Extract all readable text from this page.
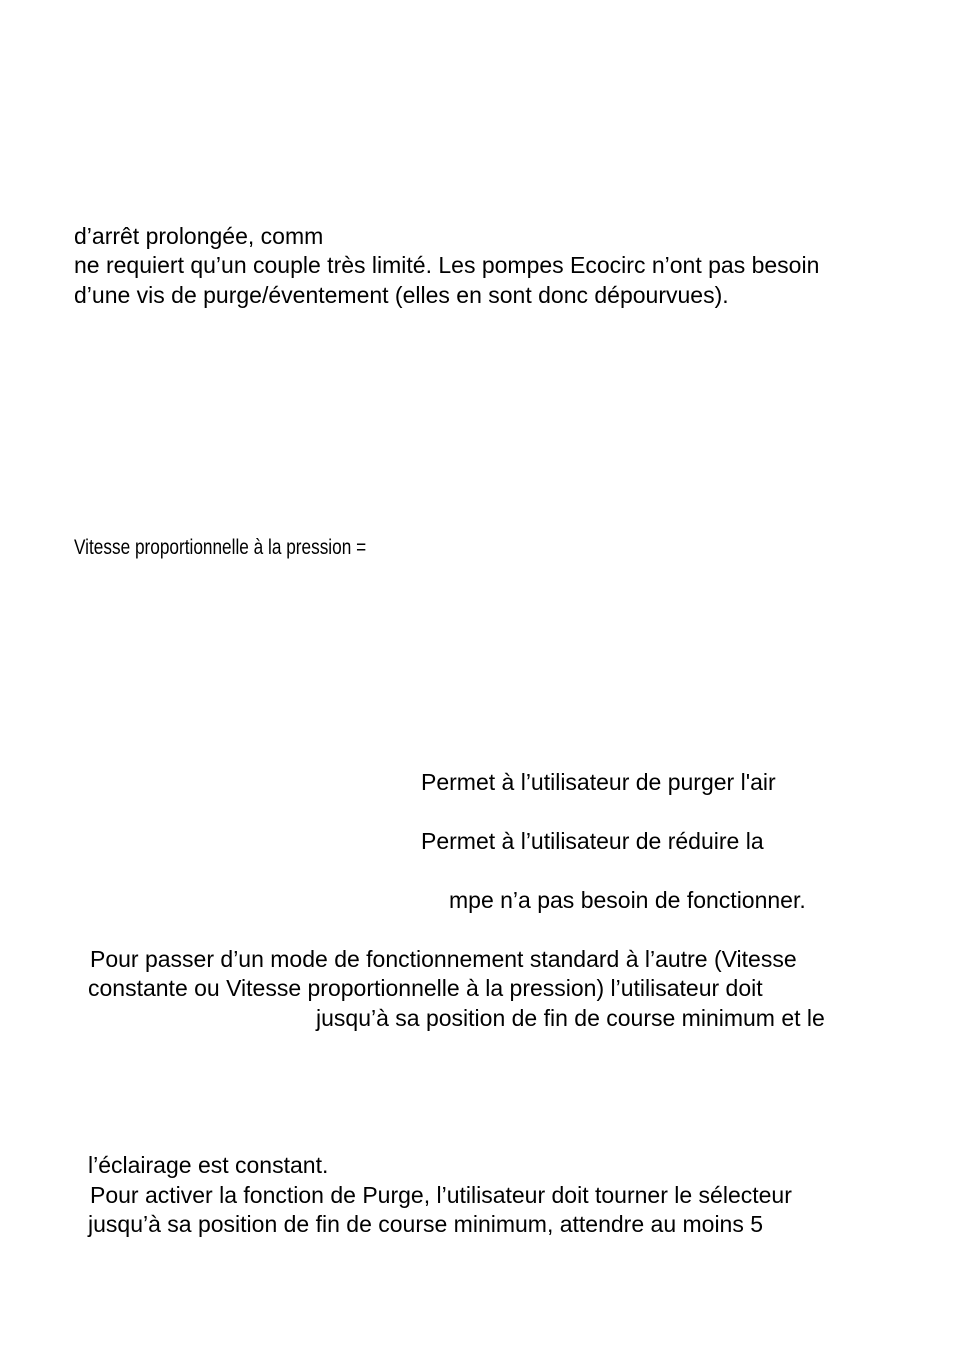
d’arrêt prolongée, comm
ne requiert qu’un couple très limité. Les pompes Ecocirc n’ont pas besoin
d’une vis de purge/éventement (elles en sont donc dépourvues).
Vitesse proportionnelle à la pression =
Permet à l’utilisateur de purger l'air
Permet à l’utilisateur de réduire la
mpe n’a pas besoin de fonctionner.
Pour passer d’un mode de fonctionnement standard à l’autre (Vitesse
constante ou Vitesse proportionnelle à la pression) l’utilisateur doit
jusqu’à sa position de fin de course minimum et le
l’éclairage est constant.
Pour activer la fonction de Purge, l’utilisateur doit tourner le sélecteur
jusqu’à sa position de fin de course minimum, attendre au moins 5
